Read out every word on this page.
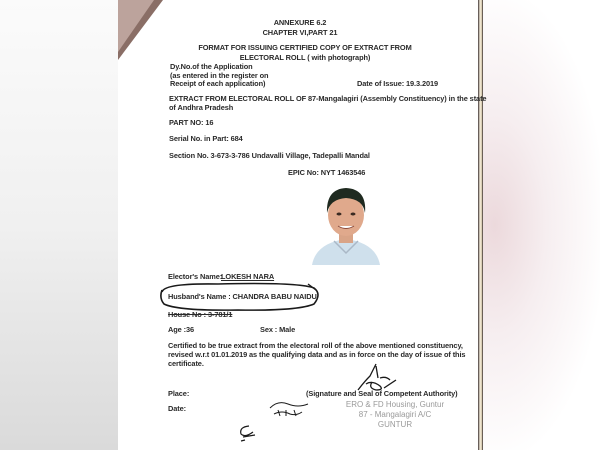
ANNEXURE 6.2
CHAPTER VI,PART 21
FORMAT FOR ISSUING CERTIFIED COPY OF EXTRACT FROM
ELECTORAL ROLL ( with photograph)
Dy.No.of the Application
(as entered in the register on
Receipt of each application)	Date of Issue: 19.3.2019
EXTRACT FROM ELECTORAL ROLL OF 87-Mangalagiri (Assembly Constituency) in the state
of Andhra Pradesh
PART NO: 16
Serial No. in Part: 684
Section No. 3-673-3-786 Undavalli Village, Tadepalli Mandal
EPIC No: NYT 1463546
Elector's Name:
LOKESH NARA
Husband's Name : CHANDRA BABU NAIDU
House No : 3-781/1
Age :36	Sex : Male
Certified to be true extract from the electoral roll of the above mentioned constituency,
revised w.r.t 01.01.2019 as the qualifying data and as in force on the day of issue of this
certificate.
Place:	(Signature and Seal of Competent Authority)
Date:	ERO & FD Housing, Guntur
87 - Mangalagiri A/C
GUNTUR
